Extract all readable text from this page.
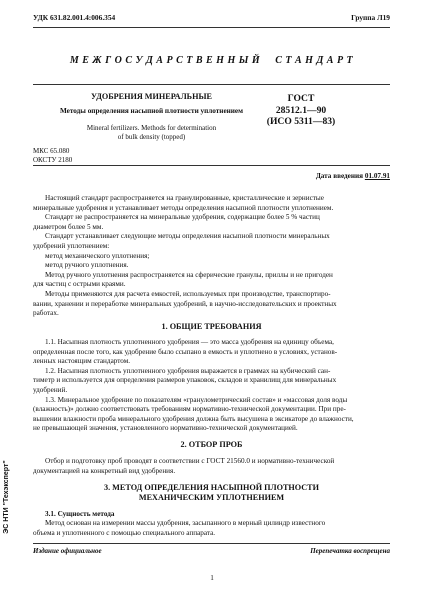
УДК 631.82.001.4:006.354	Группа Л19
М Е Ж Г О С У Д А Р С Т В Е Н Н Ы Й     С Т А Н Д А Р Т
УДОБРЕНИЯ МИНЕРАЛЬНЫЕ
Методы определения насыпной плотности уплотнением
Mineral fertilizers. Methods for determination
of bulk density (topped)
ГОСТ
28512.1—90
(ИСО 5311—83)
МКС 65.080
ОКСТУ 2180
Дата введения 01.07.91
Настоящий стандарт распространяется на гранулированные, кристаллические и зернистые
минеральные удобрения и устанавливает методы определения насыпной плотности уплотнением.
Стандарт не распространяется на минеральные удобрения, содержащие более 5 % частиц
диаметром более 5 мм.
Стандарт устанавливает следующие методы определения насыпной плотности минеральных
удобрений уплотнением:
метод механического уплотнения;
метод ручного уплотнения.
Метод ручного уплотнения распространяется на сферические гранулы, приллы и не пригоден
для частиц с острыми краями.
Методы применяются для расчета емкостей, используемых при производстве, транспортиро-
вании, хранении и переработке минеральных удобрений, в научно-исследовательских и проектных
работах.
1. ОБЩИЕ ТРЕБОВАНИЯ
1.1. Насыпная плотность уплотненного удобрения — это масса удобрения на единицу объема,
определенная после того, как удобрение было ссыпано в емкость и уплотнено в условиях, установ-
ленных настоящим стандартом.
1.2. Насыпная плотность уплотненного удобрения выражается в граммах на кубический сан-
тиметр и используется для определения размеров упаковок, складов и хранилищ для минеральных
удобрений.
1.3. Минеральное удобрение по показателям «гранулометрический состав» и «массовая доля воды
(влажность)» должно соответствовать требованиям нормативно-технической документации. При пре-
вышении влажности проба минерального удобрения должна быть высушена в эксикаторе до влажности,
не превышающей значения, установленного нормативно-технической документацией.
2. ОТБОР ПРОБ
Отбор и подготовку проб проводят в соответствии с ГОСТ 21560.0 и нормативно-технической
документацией на конкретный вид удобрения.
3. МЕТОД ОПРЕДЕЛЕНИЯ НАСЫПНОЙ ПЛОТНОСТИ
МЕХАНИЧЕСКИМ УПЛОТНЕНИЕМ
3.1. Сущность метода
Метод основан на измерении массы удобрения, засыпанного в мерный цилиндр известного
объема и уплотненного с помощью специального аппарата.
Издание официальное	Перепечатка воспрещена
1
ЭС НТИ "Техэксперт"
